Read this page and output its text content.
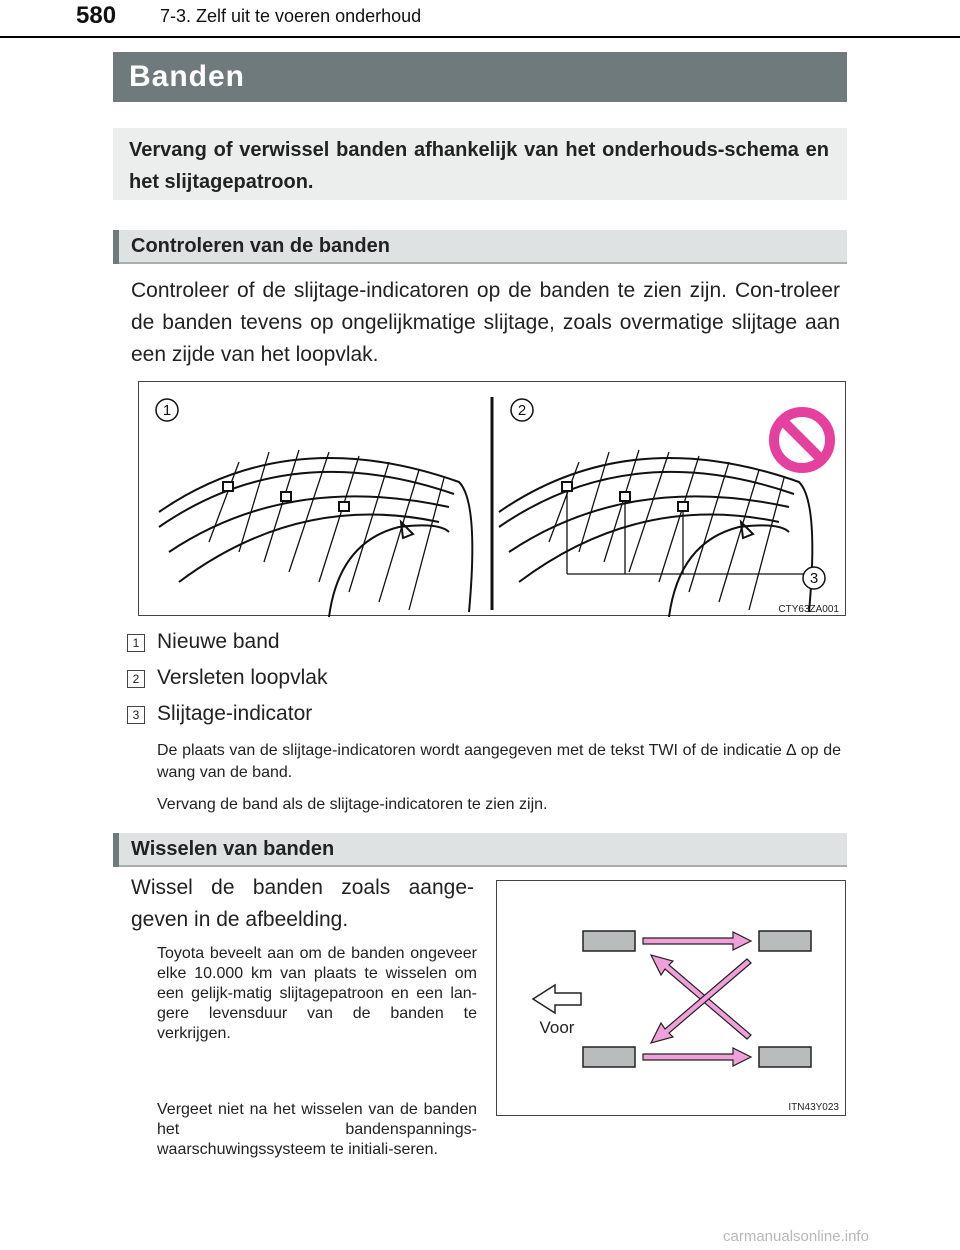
580 7-3. Zelf uit te voeren onderhoud
Banden
Vervang of verwissel banden afhankelijk van het onderhouds-schema en het slijtagepatroon.
Controleren van de banden
Controleer of de slijtage-indicatoren op de banden te zien zijn. Con-troleer de banden tevens op ongelijkmatige slijtage, zoals overmatige slijtage aan een zijde van het loopvlak.
1	2
3
CTY63ZA001
1 Nieuwe band
2 Versleten loopvlak
3 Slijtage-indicator
De plaats van de slijtage-indicatoren wordt aangegeven met de tekst TWI of de indicatie ∆ op de wang van de band.
Vervang de band als de slijtage-indicatoren te zien zijn.
Wisselen van banden
Wissel de banden zoals aange-geven in de afbeelding.
Toyota beveelt aan om de banden ongeveer elke 10.000 km van plaats te wisselen om een gelijk-matig slijtagepatroon en een lan-gere levensduur van de banden te verkrijgen.
Vergeet niet na het wisselen van de banden het bandenspannings-waarschuwingssysteem te initiali-seren.
Voor
ITN43Y023
carmanualsonline.info
